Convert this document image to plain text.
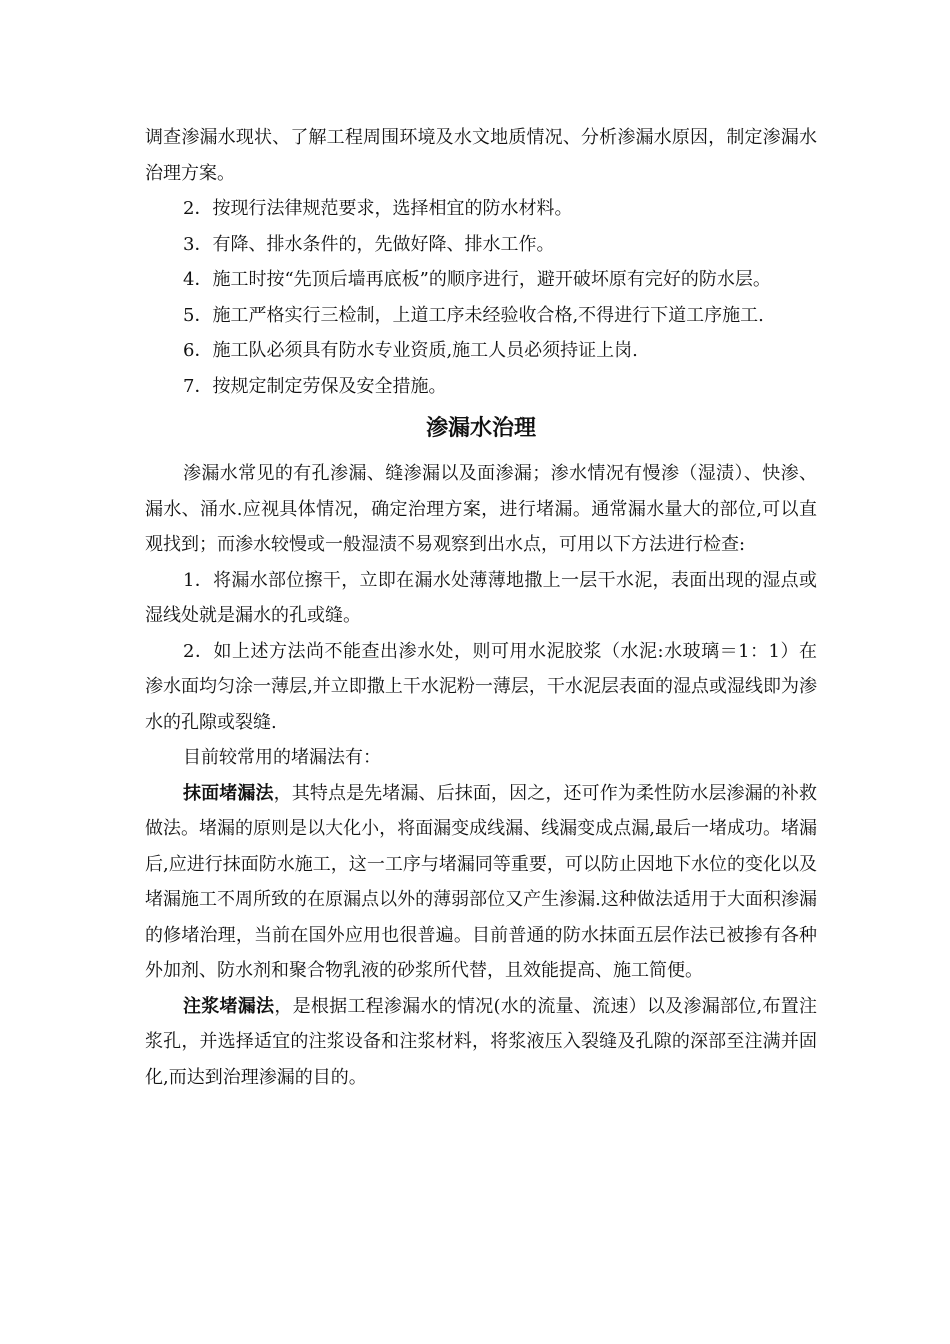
调查渗漏水现状、了解工程周围环境及水文地质情况、分析渗漏水原因，制定渗漏水治理方案。

2．按现行法律规范要求，选择相宜的防水材料。

3．有降、排水条件的，先做好降、排水工作。

4．施工时按“先顶后墙再底板”的顺序进行，避开破坏原有完好的防水层。

5．施工严格实行三检制，上道工序未经验收合格,不得进行下道工序施工.

6．施工队必须具有防水专业资质,施工人员必须持证上岗.

7．按规定制定劳保及安全措施。

渗漏水治理

渗漏水常见的有孔渗漏、缝渗漏以及面渗漏；渗水情况有慢渗（湿渍）、快渗、漏水、涌水.应视具体情况，确定治理方案，进行堵漏。通常漏水量大的部位,可以直观找到；而渗水较慢或一般湿渍不易观察到出水点，可用以下方法进行检查:

1．将漏水部位擦干，立即在漏水处薄薄地撒上一层干水泥，表面出现的湿点或湿线处就是漏水的孔或缝。

2．如上述方法尚不能查出渗水处，则可用水泥胶浆（水泥:水玻璃＝1：1）在渗水面均匀涂一薄层,并立即撒上干水泥粉一薄层，干水泥层表面的湿点或湿线即为渗水的孔隙或裂缝.

目前较常用的堵漏法有：

抹面堵漏法，其特点是先堵漏、后抹面，因之，还可作为柔性防水层渗漏的补救做法。堵漏的原则是以大化小，将面漏变成线漏、线漏变成点漏,最后一堵成功。堵漏后,应进行抹面防水施工，这一工序与堵漏同等重要，可以防止因地下水位的变化以及堵漏施工不周所致的在原漏点以外的薄弱部位又产生渗漏.这种做法适用于大面积渗漏的修堵治理，当前在国外应用也很普遍。目前普通的防水抹面五层作法已被掺有各种外加剂、防水剂和聚合物乳液的砂浆所代替，且效能提高、施工简便。

注浆堵漏法，是根据工程渗漏水的情况(水的流量、流速）以及渗漏部位,布置注浆孔，并选择适宜的注浆设备和注浆材料，将浆液压入裂缝及孔隙的深部至注满并固化,而达到治理渗漏的目的。
